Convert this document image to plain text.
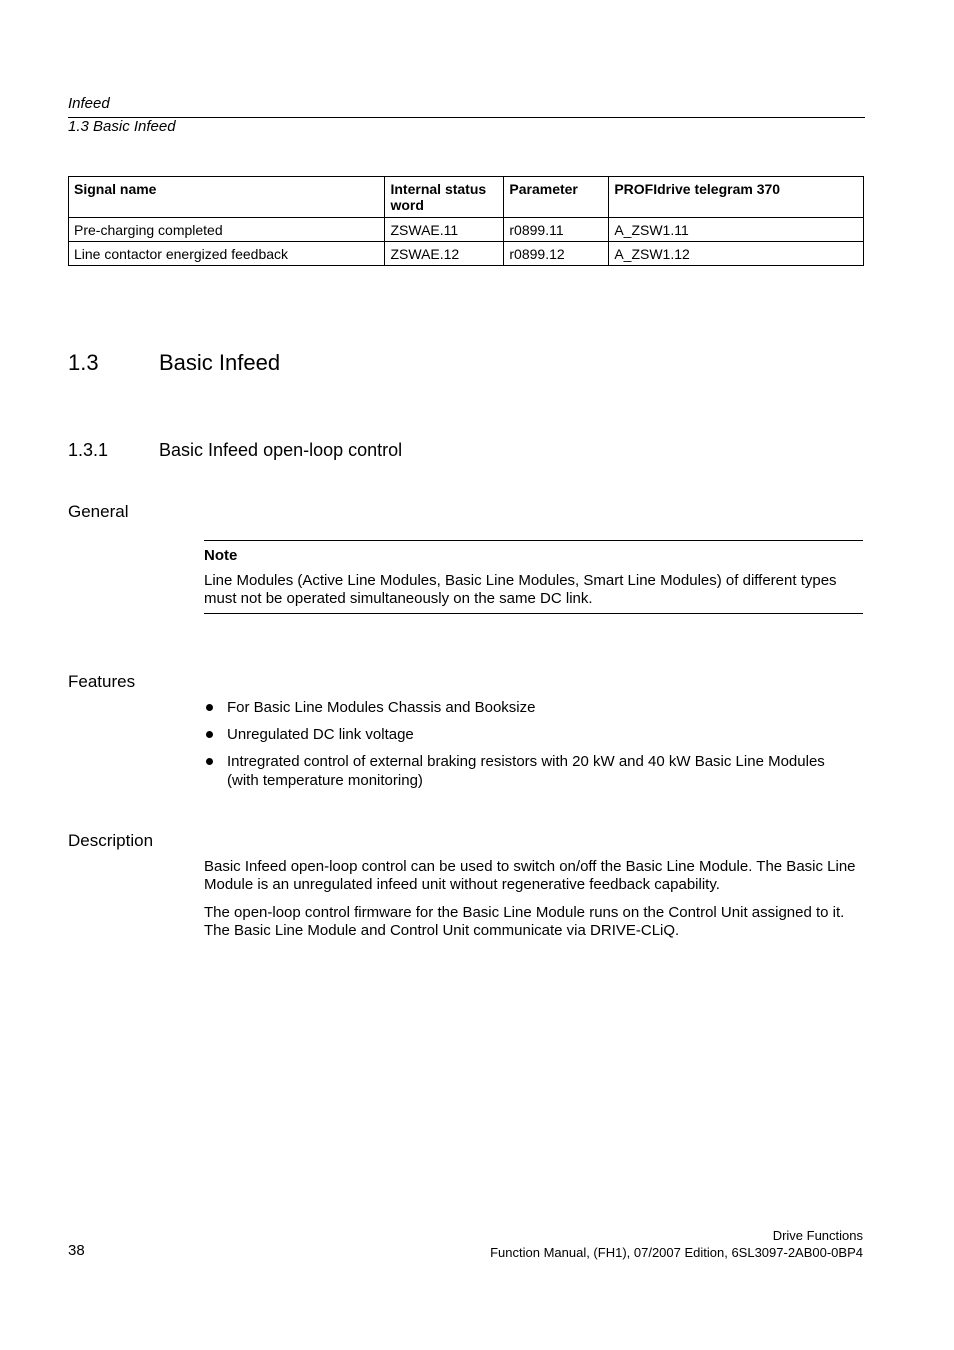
Infeed
1.3 Basic Infeed
Signal name	Internal status word	Parameter	PROFIdrive telegram 370
Pre-charging completed	ZSWAE.11	r0899.11	A_ZSW1.11
Line contactor energized feedback	ZSWAE.12	r0899.12	A_ZSW1.12
1.3	Basic Infeed
1.3.1	Basic Infeed open-loop control
General
Note
Line Modules (Active Line Modules, Basic Line Modules, Smart Line Modules) of different types must not be operated simultaneously on the same DC link.
Features
For Basic Line Modules Chassis and Booksize
Unregulated DC link voltage
Intregrated control of external braking resistors with 20 kW and 40 kW Basic Line Modules (with temperature monitoring)
Description
Basic Infeed open-loop control can be used to switch on/off the Basic Line Module. The Basic Line Module is an unregulated infeed unit without regenerative feedback capability.
The open-loop control firmware for the Basic Line Module runs on the Control Unit assigned to it. The Basic Line Module and Control Unit communicate via DRIVE-CLiQ.
38
Drive Functions
Function Manual, (FH1), 07/2007 Edition, 6SL3097-2AB00-0BP4
